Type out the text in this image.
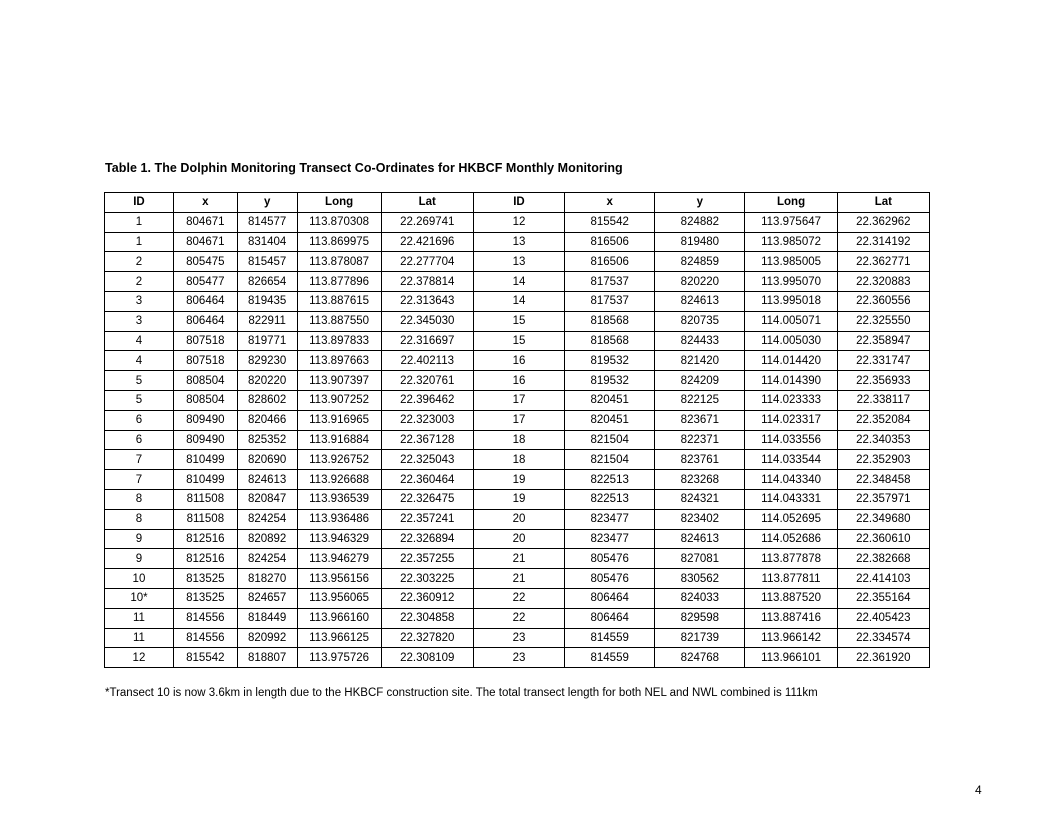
Table 1. The Dolphin Monitoring Transect Co-Ordinates for HKBCF Monthly Monitoring
ID	x	y	Long	Lat	ID	x	y	Long	Lat
1	804671	814577	113.870308	22.269741	12	815542	824882	113.975647	22.362962
1	804671	831404	113.869975	22.421696	13	816506	819480	113.985072	22.314192
2	805475	815457	113.878087	22.277704	13	816506	824859	113.985005	22.362771
2	805477	826654	113.877896	22.378814	14	817537	820220	113.995070	22.320883
3	806464	819435	113.887615	22.313643	14	817537	824613	113.995018	22.360556
3	806464	822911	113.887550	22.345030	15	818568	820735	114.005071	22.325550
4	807518	819771	113.897833	22.316697	15	818568	824433	114.005030	22.358947
4	807518	829230	113.897663	22.402113	16	819532	821420	114.014420	22.331747
5	808504	820220	113.907397	22.320761	16	819532	824209	114.014390	22.356933
5	808504	828602	113.907252	22.396462	17	820451	822125	114.023333	22.338117
6	809490	820466	113.916965	22.323003	17	820451	823671	114.023317	22.352084
6	809490	825352	113.916884	22.367128	18	821504	822371	114.033556	22.340353
7	810499	820690	113.926752	22.325043	18	821504	823761	114.033544	22.352903
7	810499	824613	113.926688	22.360464	19	822513	823268	114.043340	22.348458
8	811508	820847	113.936539	22.326475	19	822513	824321	114.043331	22.357971
8	811508	824254	113.936486	22.357241	20	823477	823402	114.052695	22.349680
9	812516	820892	113.946329	22.326894	20	823477	824613	114.052686	22.360610
9	812516	824254	113.946279	22.357255	21	805476	827081	113.877878	22.382668
10	813525	818270	113.956156	22.303225	21	805476	830562	113.877811	22.414103
10*	813525	824657	113.956065	22.360912	22	806464	824033	113.887520	22.355164
11	814556	818449	113.966160	22.304858	22	806464	829598	113.887416	22.405423
11	814556	820992	113.966125	22.327820	23	814559	821739	113.966142	22.334574
12	815542	818807	113.975726	22.308109	23	814559	824768	113.966101	22.361920
*Transect 10 is now 3.6km in length due to the HKBCF construction site. The total transect length for both NEL and NWL combined is 111km
4
